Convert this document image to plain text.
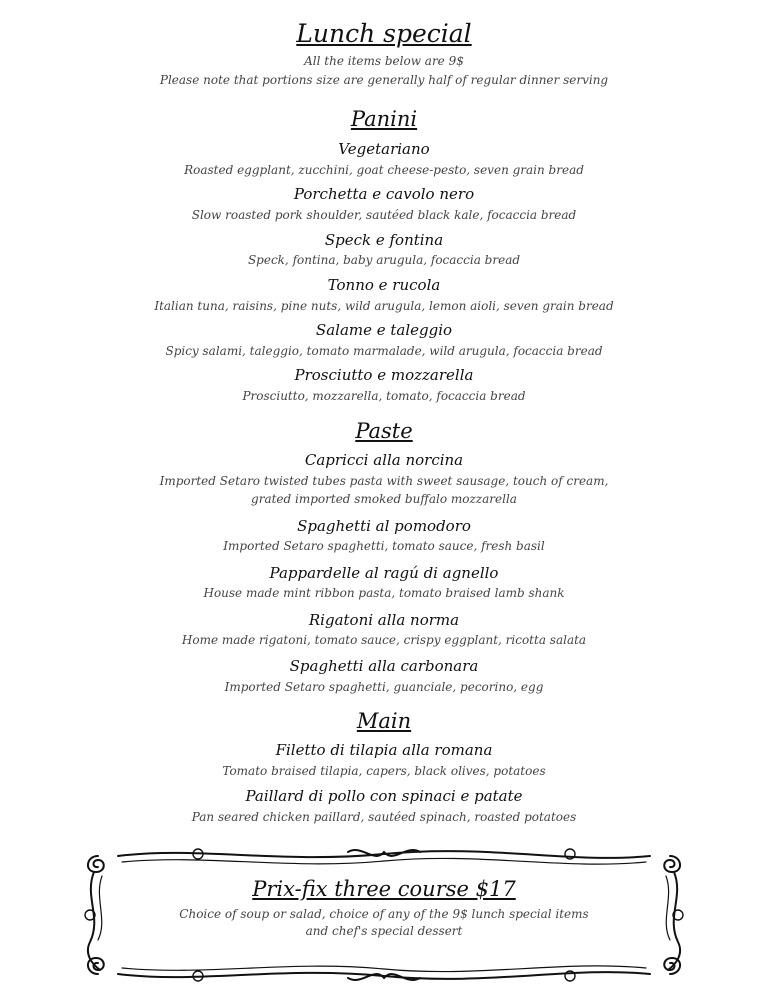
Lunch special
All the items below are 9$
Please note that portions size are generally half of regular dinner serving
Panini
Vegetariano
Roasted eggplant, zucchini, goat cheese-pesto, seven grain bread
Porchetta e cavolo nero
Slow roasted pork shoulder, sautéed black kale, focaccia bread
Speck e fontina
Speck, fontina, baby arugula, focaccia bread
Tonno e rucola
Italian tuna, raisins, pine nuts, wild arugula, lemon aioli, seven grain bread
Salame e taleggio
Spicy salami, taleggio, tomato marmalade, wild arugula, focaccia bread
Prosciutto e mozzarella
Prosciutto, mozzarella, tomato, focaccia bread
Paste
Capricci alla norcina
Imported Setaro twisted tubes pasta with sweet sausage, touch of cream,
grated imported smoked buffalo mozzarella
Spaghetti al pomodoro
Imported Setaro spaghetti, tomato sauce, fresh basil
Pappardelle al ragú di agnello
House made mint ribbon pasta, tomato braised lamb shank
Rigatoni alla norma
Home made rigatoni, tomato sauce, crispy eggplant, ricotta salata
Spaghetti alla carbonara
Imported Setaro spaghetti, guanciale, pecorino, egg
Main
Filetto di tilapia alla romana
Tomato braised tilapia, capers, black olives, potatoes
Paillard di pollo con spinaci e patate
Pan seared chicken paillard, sautéed spinach, roasted potatoes
Prix-fix three course $17
Choice of soup or salad, choice of any of the 9$ lunch special items
and chef's special dessert
